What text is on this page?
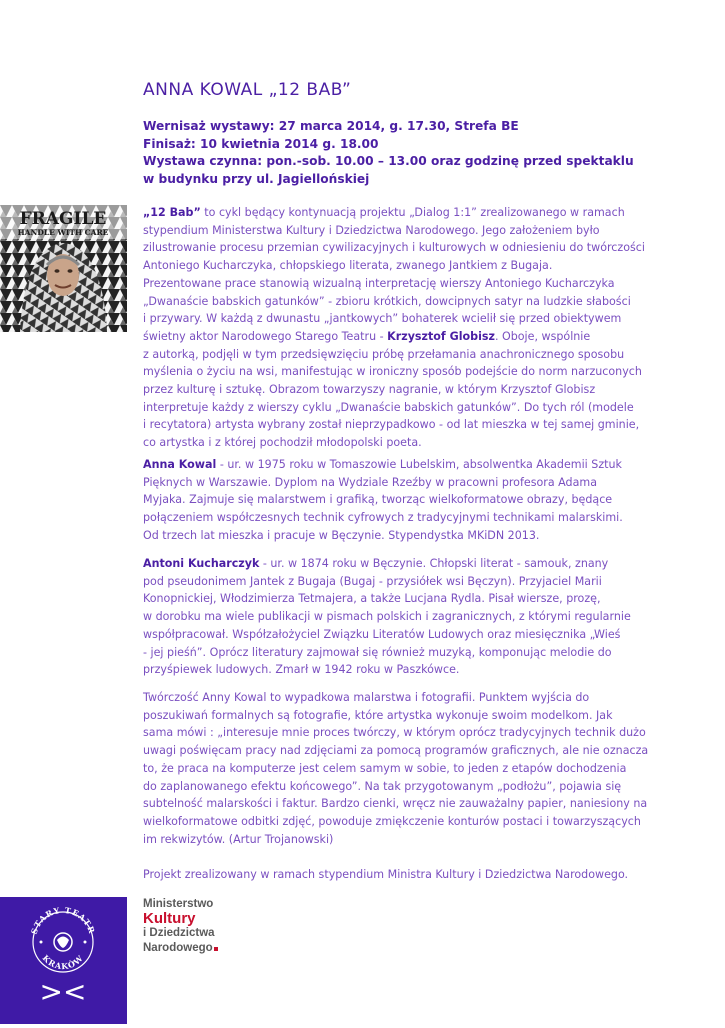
ANNA KOWAL „12 BAB”
Wernisaż wystawy: 27 marca 2014, g. 17.30, Strefa BE
Finisaż: 10 kwietnia 2014 g. 18.00
Wystawa czynna: pon.-sob. 10.00 – 13.00 oraz godzinę przed spektaklu
w budynku przy ul. Jagiellońskiej
FRAGILE
HANDLE WITH CARE
„12 Bab” to cykl będący kontynuacją projektu „Dialog 1:1” zrealizowanego w ramach
stypendium Ministerstwa Kultury i Dziedzictwa Narodowego. Jego założeniem było
zilustrowanie procesu przemian cywilizacyjnych i kulturowych w odniesieniu do twórczości
Antoniego Kucharczyka, chłopskiego literata, zwanego Jantkiem z Bugaja.
Prezentowane prace stanowią wizualną interpretację wierszy Antoniego Kucharczyka
„Dwanaście babskich gatunków” - zbioru krótkich, dowcipnych satyr na ludzkie słabości
i przywary. W każdą z dwunastu „jantkowych” bohaterek wcielił się przed obiektywem
świetny aktor Narodowego Starego Teatru - Krzysztof Globisz. Oboje, wspólnie
z autorką, podjęli w tym przedsięwzięciu próbę przełamania anachronicznego sposobu
myślenia o życiu na wsi, manifestując w ironiczny sposób podejście do norm narzuconych
przez kulturę i sztukę. Obrazom towarzyszy nagranie, w którym Krzysztof Globisz
interpretuje każdy z wierszy cyklu „Dwanaście babskich gatunków”. Do tych ról (modele
i recytatora) artysta wybrany został nieprzypadkowo - od lat mieszka w tej samej gminie,
co artystka i z której pochodził młodopolski poeta.
Anna Kowal - ur. w 1975 roku w Tomaszowie Lubelskim, absolwentka Akademii Sztuk
Pięknych w Warszawie. Dyplom na Wydziale Rzeźby w pracowni profesora Adama
Myjaka. Zajmuje się malarstwem i grafiką, tworząc wielkoformatowe obrazy, będące
połączeniem współczesnych technik cyfrowych z tradycyjnymi technikami malarskimi.
Od trzech lat mieszka i pracuje w Bęczynie. Stypendystka MKiDN 2013.
Antoni Kucharczyk - ur. w 1874 roku w Bęczynie. Chłopski literat - samouk, znany
pod pseudonimem Jantek z Bugaja (Bugaj - przysiółek wsi Bęczyn). Przyjaciel Marii
Konopnickiej, Włodzimierza Tetmajera, a także Lucjana Rydla. Pisał wiersze, prozę,
w dorobku ma wiele publikacji w pismach polskich i zagranicznych, z którymi regularnie
współpracował. Współzałożyciel Związku Literatów Ludowych oraz miesięcznika „Wieś
- jej pieśń”. Oprócz literatury zajmował się również muzyką, komponując melodie do
przyśpiewek ludowych. Zmarł w 1942 roku w Paszkówce.
Twórczość Anny Kowal to wypadkowa malarstwa i fotografii. Punktem wyjścia do
poszukiwań formalnych są fotografie, które artystka wykonuje swoim modelkom. Jak
sama mówi : „interesuje mnie proces twórczy, w którym oprócz tradycyjnych technik dużo
uwagi poświęcam pracy nad zdjęciami za pomocą programów graficznych, ale nie oznacza
to, że praca na komputerze jest celem samym w sobie, to jeden z etapów dochodzenia
do zaplanowanego efektu końcowego”. Na tak przygotowanym „podłożu”, pojawia się
subtelność malarskości i faktur. Bardzo cienki, wręcz nie zauważalny papier, naniesiony na
wielkoformatowe odbitki zdjęć, powoduje zmiękczenie konturów postaci i towarzyszących
im rekwizytów. (Artur Trojanowski)
Projekt zrealizowany w ramach stypendium Ministra Kultury i Dziedzictwa Narodowego.
STARY TEATR
KRAKÓW
><
Ministerstwo
Kultury
i Dziedzictwa
Narodowego
